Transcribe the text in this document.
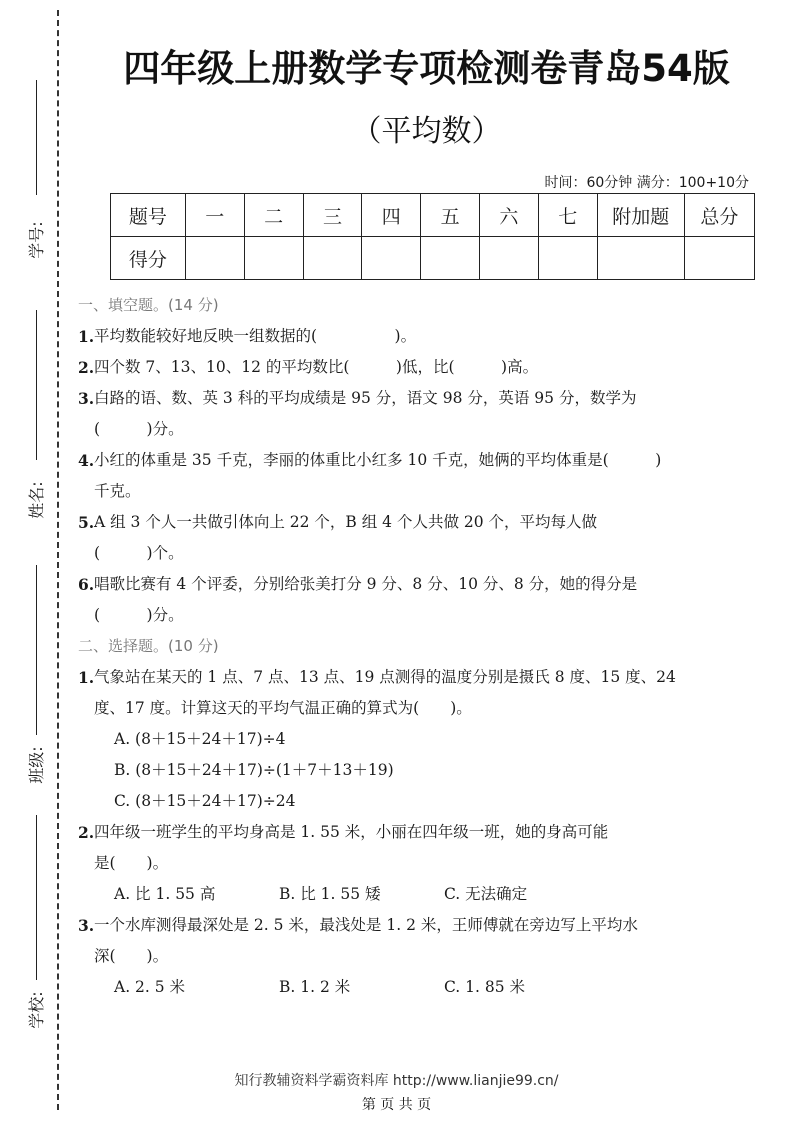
学号:
姓名:
班级:
学校:
四年级上册数学专项检测卷青岛54版
（平均数）
时间：60分钟 满分：100+10分
题号	一	二	三	四	五	六	七	附加题	总分
得分									
一、填空题。(14 分)
1. 平均数能较好地反映一组数据的(　　　　　)。
2. 四个数 7、13、10、12 的平均数比(　　　)低，比(　　　)高。
3. 白路的语、数、英 3 科的平均成绩是 95 分，语文 98 分，英语 95 分，数学为
(　　　)分。
4. 小红的体重是 35 千克，李丽的体重比小红多 10 千克，她俩的平均体重是(　　　)
千克。
5. A 组 3 个人一共做引体向上 22 个，B 组 4 个人共做 20 个，平均每人做
(　　　)个。
6. 唱歌比赛有 4 个评委，分别给张美打分 9 分、8 分、10 分、8 分，她的得分是
(　　　)分。
二、选择题。(10 分)
1. 气象站在某天的 1 点、7 点、13 点、19 点测得的温度分别是摄氏 8 度、15 度、24
度、17 度。计算这天的平均气温正确的算式为(　　)。
A. (8＋15＋24＋17)÷4
B. (8＋15＋24＋17)÷(1＋7＋13＋19)
C. (8＋15＋24＋17)÷24
2. 四年级一班学生的平均身高是 1. 55 米，小丽在四年级一班，她的身高可能
是(　　)。
A. 比 1. 55 高	B. 比 1. 55 矮	C. 无法确定
3. 一个水库测得最深处是 2. 5 米，最浅处是 1. 2 米，王师傅就在旁边写上平均水
深(　　)。
A. 2. 5 米	B. 1. 2 米	C. 1. 85 米
知行教辅资料学霸资料库 http://www.lianjie99.cn/
第 页 共 页
